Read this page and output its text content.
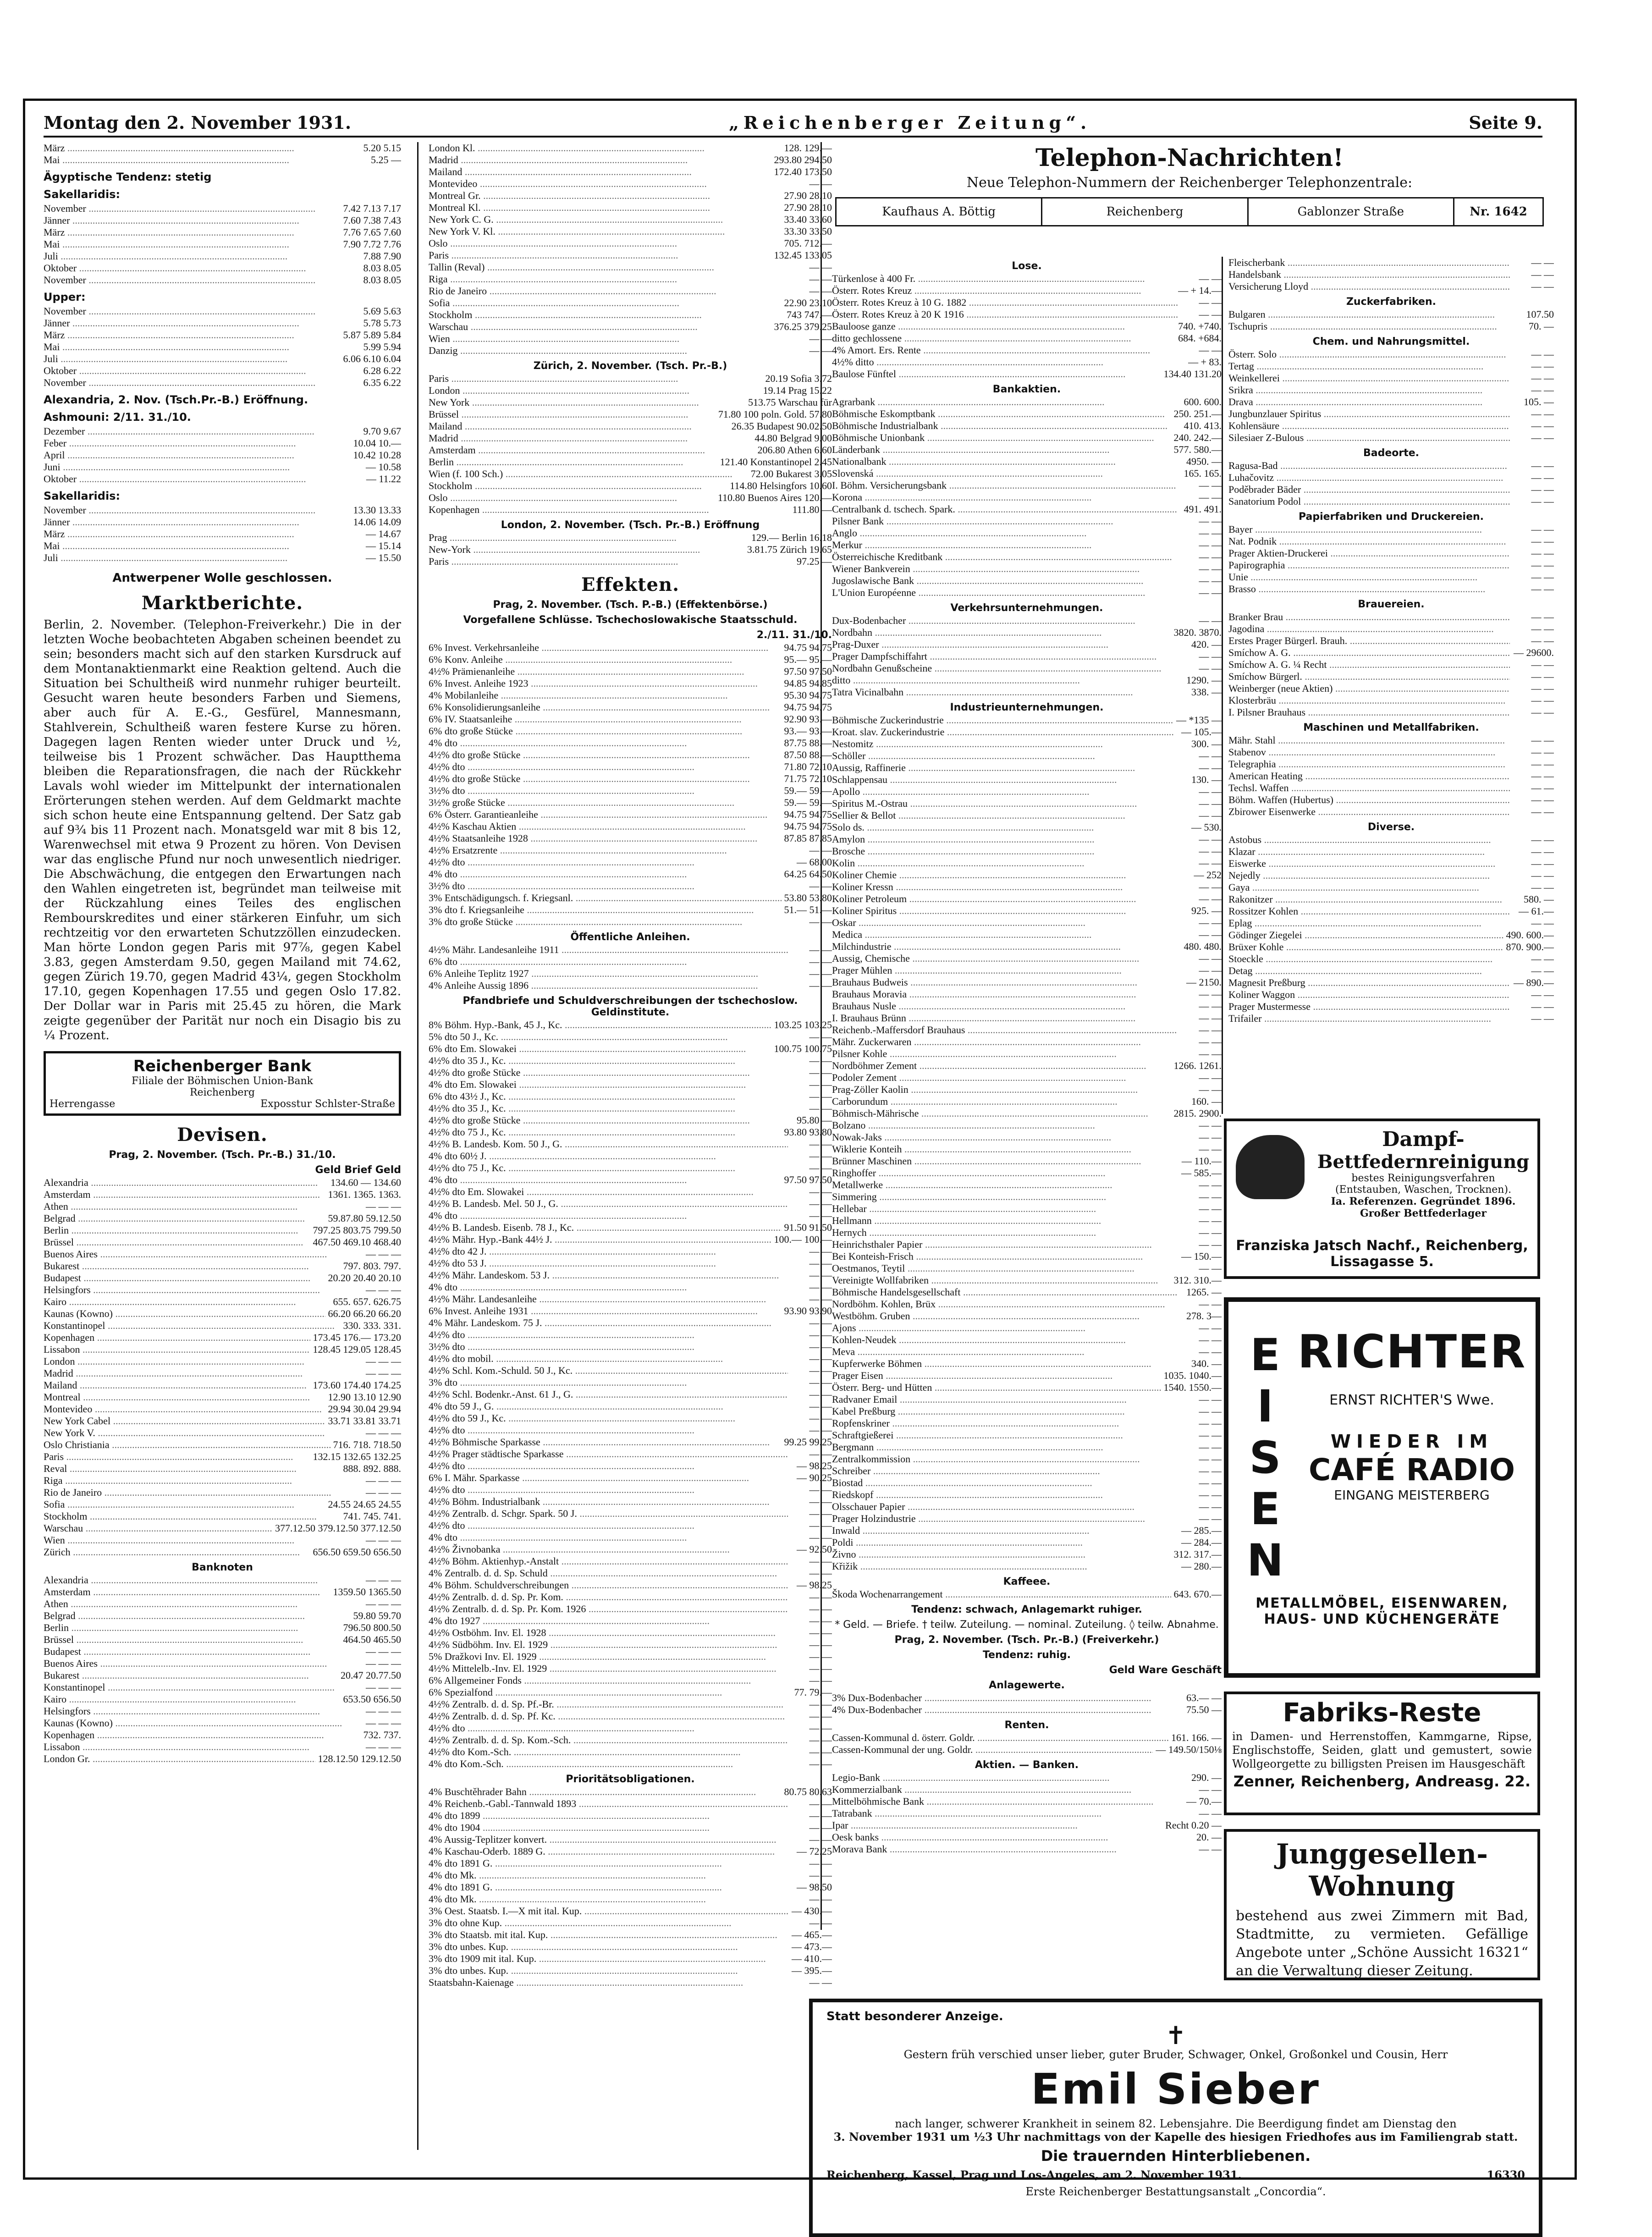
Montag den 2. November 1931.	„Reichenberger Zeitung“.	Seite 9.
März .....	5.20 5.15
Mai .....	5.25 —
Ägyptische Tendenz: stetig
Sakellaridis:
November .....	7.42 7.13 7.17
Jänner .....	7.60 7.38 7.43
März .....	7.76 7.65 7.60
Mai .....	7.90 7.72 7.76
Juli .....	7.88 7.90
Oktober .....	8.03 8.05
November .....	8.03 8.05
Upper:
November .....	5.69 5.63
Jänner .....	5.78 5.73
März .....	5.87 5.89 5.84
Mai .....	5.99 5.94
Juli .....	6.06 6.10 6.04
Oktober .....	6.28 6.22
November .....	6.35 6.22
Alexandria, 2. Nov. (Tsch.Pr.-B.) Eröffnung.
Ashmouni: 2/11. 31./10.
Dezember .....	9.70 9.67
Feber .....	10.04 10.—
April .....	10.42 10.28
Juni .....	— 10.58
Oktober .....	— 11.22
Sakellaridis:
November .....	13.30 13.33
Jänner .....	14.06 14.09
März .....	— 14.67
Mai .....	— 15.14
Juli .....	— 15.50
Antwerpener Wolle geschlossen.
Marktberichte.

Berlin, 2. November. (Telephon-Freiverkehr.) Die in der letzten Woche beobachteten Abgaben scheinen beendet zu sein; besonders macht sich auf den starken Kursdruck auf dem Montanaktienmarkt eine Reaktion geltend. Auch die Situation bei Schultheiß wird nunmehr ruhiger beurteilt. Gesucht waren heute besonders Farben und Siemens, aber auch für A. E.-G., Gesfürel, Mannesmann, Stahlverein, Schultheiß waren festere Kurse zu hören. Dagegen lagen Renten wieder unter Druck und ½, teilweise bis 1 Prozent schwächer. Das Hauptthema bleiben die Reparationsfragen, die nach der Rückkehr Lavals wohl wieder im Mittelpunkt der internationalen Erörterungen stehen werden. Auf dem Geldmarkt machte sich schon heute eine Entspannung geltend. Der Satz gab auf 9¾ bis 11 Prozent nach. Monatsgeld war mit 8 bis 12, Warenwechsel mit etwa 9 Prozent zu hören. Von Devisen war das englische Pfund nur noch unwesentlich niedriger. Die Abschwächung, die entgegen den Erwartungen nach den Wahlen eingetreten ist, begründet man teilweise mit der Rückzahlung eines Teiles des englischen Rembourskredites und einer stärkeren Einfuhr, um sich rechtzeitig vor den erwarteten Schutzzöllen einzudecken. Man hörte London gegen Paris mit 97⅞, gegen Kabel 3.83, gegen Amsterdam 9.50, gegen Mailand mit 74.62, gegen Zürich 19.70, gegen Madrid 43¼, gegen Stockholm 17.10, gegen Kopenhagen 17.55 und gegen Oslo 17.82. Der Dollar war in Paris mit 25.45 zu hören, die Mark zeigte gegenüber der Parität nur noch ein Disagio bis zu ¼ Prozent.

Reichenberger Bank
Filiale der Böhmischen Union-Bank
Reichenberg
Herrengasse	Exposstur Schlster-Straße
Devisen.
Prag, 2. November. (Tsch. Pr.-B.) 31./10.
Geld Brief Geld
Alexandria .....	134.60 — 134.60
Amsterdam .....	1361. 1365. 1363.
Athen .....	— — —
Belgrad .....	59.87.80 59.12.50
Berlin .....	797.25 803.75 799.50
Brüssel .....	467.50 469.10 468.40
Buenos Aires .....	— — —
Bukarest .....	797. 803. 797.
Budapest .....	20.20 20.40 20.10
Helsingfors .....	— — —
Kairo .....	655. 657. 626.75
Kaunas (Kowno) .....	66.20 66.20 66.20
Konstantinopel .....	330. 333. 331.
Kopenhagen .....	173.45 176.— 173.20
Lissabon .....	128.45 129.05 128.45
London .....	— — —
Madrid .....	— — —
Mailand .....	173.60 174.40 174.25
Montreal .....	12.90 13.10 12.90
Montevideo .....	29.94 30.04 29.94
New York Cabel .....	33.71 33.81 33.71
New York V. .....	— — —
Oslo Christiania .....	716. 718. 718.50
Paris .....	132.15 132.65 132.25
Reval .....	888. 892. 888.
Riga .....	— — —
Rio de Janeiro .....	— — —
Sofia .....	24.55 24.65 24.55
Stockholm .....	741. 745. 741.
Warschau .....	377.12.50 379.12.50 377.12.50
Wien .....	— — —
Zürich .....	656.50 659.50 656.50
Banknoten
Alexandria .....	— — —
Amsterdam .....	1359.50 1365.50
Athen .....	— — —
Belgrad .....	59.80 59.70
Berlin .....	796.50 800.50
Brüssel .....	464.50 465.50
Budapest .....	— — —
Buenos Aires .....	— — —
Bukarest .....	20.47 20.77.50
Konstantinopel .....	— — —
Kairo .....	653.50 656.50
Helsingfors .....	— — —
Kaunas (Kowno) .....	— — —
Kopenhagen .....	732. 737.
Lissabon .....	— — —
London Gr. .....	128.12.50 129.12.50
London Kl. .....	128. 129.—
Madrid .....	293.80 294.50
Mailand .....	172.40 173.50
Montevideo .....	— —
Montreal Gr. .....	27.90 28.10
Montreal Kl. .....	27.90 28.10
New York C. G. .....	33.40 33.60
New York V. Kl. .....	33.30 33.50
Oslo .....	705. 712.—
Paris .....	132.45 133.05
Tallin (Reval) .....	— —
Riga .....	— —
Rio de Janeiro .....	— —
Sofia .....	22.90 23.10
Stockholm .....	743 747.—
Warschau .....	376.25 379.25
Wien .....	— —
Danzig .....	— —
Zürich, 2. November. (Tsch. Pr.-B.)
Paris .....	20.19 Sofia 3.72
London .....	19.14 Prag 15.22
New York .....	513.75 Warschau für
Brüssel .....	71.80 100 poln. Gold. 57.80
Mailand .....	26.35 Budapest 90.02.50
Madrid .....	44.80 Belgrad 9.00
Amsterdam .....	206.80 Athen 6.60
Berlin .....	121.40 Konstantinopel 2.45
Wien (f. 100 Sch.) .....	72.00 Bukarest 3.05
Stockholm .....	114.80 Helsingfors 10.60
Oslo .....	110.80 Buenos Aires 120.—
Kopenhagen .....	111.80 —
London, 2. November. (Tsch. Pr.-B.) Eröffnung
Prag .....	129.— Berlin 16.18
New-York .....	3.81.75 Zürich 19.65
Paris .....	97.25 —
Effekten.
Prag, 2. November. (Tsch. P.-B.) (Effektenbörse.)
Vorgefallene Schlüsse. Tschechoslowakische Staatsschuld.
2./11. 31./10.
6% Invest. Verkehrsanleihe .....	94.75 94.75
6% Konv. Anleihe .....	95.— 95.—
4½% Prämienanleihe .....	97.50 97.50
6% Invest. Anleihe 1923 .....	94.85 94.85
4% Mobilanleihe .....	95.30 94.75
6% Konsolidierungsanleihe .....	94.75 94.75
6% IV. Staatsanleihe .....	92.90 93.—
6% dto große Stücke .....	93.— 93.—
4% dto .....	87.75 88.—
4½% dto große Stücke .....	87.50 88.—
4½% dto .....	71.80 72.10
4½% dto große Stücke .....	71.75 72.10
3½% dto .....	59.— 59.—
3½% große Stücke .....	59.— 59.—
6% Österr. Garantieanleihe .....	94.75 94.75
4½% Kaschau Aktien .....	94.75 94.75
4½% Staatsanleihe 1928 .....	87.85 87.85
4½% Ersatzrente .....	— —
4½% dto .....	— 68.00
4% dto .....	64.25 64.50
3½% dto .....	— —
3% Entschädigungsch. f. Kriegsanl. .....	53.80 53.80
3% dto f. Kriegsanleihe .....	51.— 51.—
3% dto große Stücke .....	— —
Öffentliche Anleihen.
4½% Mähr. Landesanleihe 1911 .....	— —
6% dto .....	— —
6% Anleihe Teplitz 1927 .....	— —
4% Anleihe Aussig 1896 .....	— —
Pfandbriefe und Schuldverschreibungen der tschechoslow. Geldinstitute.
8% Böhm. Hyp.-Bank, 45 J., Kc. .....	103.25 103.25
5% dto 50 J., Kc. .....	— —
6% dto Em. Slowakei .....	100.75 100.75
4½% dto 35 J., Kc. .....	— —
4½% dto große Stücke .....	— —
4% dto Em. Slowakei .....	— —
6% dto 43½ J., Kc. .....	— —
4½% dto 35 J., Kc. .....	— —
4½% dto große Stücke .....	95.80 —
4½% dto 75 J., Kc. .....	93.80 93.80
4½% B. Landesb. Kom. 50 J., G. .....	— —
4% dto 60½ J. .....	— —
4½% dto 75 J., Kc. .....	— —
4% dto .....	97.50 97.50
4½% dto Em. Slowakei .....	— —
4½% B. Landesb. Mel. 50 J., G. .....	— —
4% dto .....	— —
4½% B. Landesb. Eisenb. 78 J., Kc. .....	91.50 91.50
4½% Mähr. Hyp.-Bank 44½ J. .....	100.— 100.—
4½% dto 42 J. .....	— —
4½% dto 53 J. .....	— —
4½% Mähr. Landeskom. 53 J. .....	— —
4% dto .....	— —
4½% Mähr. Landesanleihe .....	— —
6% Invest. Anleihe 1931 .....	93.90 93.90
4% Mähr. Landeskom. 75 J. .....	— —
4½% dto .....	— —
3½% dto .....	— —
4½% dto mobil. .....	— —
4½% Schl. Kom.-Schuld. 50 J., Kc. .....	— —
3% dto .....	— —
4½% Schl. Bodenkr.-Anst. 61 J., G. .....	— —
4% dto 59 J., G. .....	— —
4½% dto 59 J., Kc. .....	— —
4½% dto .....	— —
4½% Böhmische Sparkasse .....	99.25 99.25
4½% Prager städtische Sparkasse .....	— —
4½% dto .....	— 98.25
6% I. Mähr. Sparkasse .....	— 90.25
4½% dto .....	— —
4½% Böhm. Industrialbank .....	— —
4½% Zentralb. d. Schgr. Spark. 50 J. .....	— —
4½% dto .....	— —
4% dto .....	— —
4½% Živnobanka .....	— 92.50
4½% Böhm. Aktienhyp.-Anstalt .....	— —
4% Zentralb. d. d. Sp. Schuld .....	— —
4% Böhm. Schuldverschreibungen .....	— 98.25
4½% Zentralb. d. d. Sp. Pr. Kom. .....	— —
4½% Zentralb. d. d. Sp. Pr. Kom. 1926 .....	— —
4% dto 1927 .....	— —
4½% Ostböhm. Inv. El. 1928 .....	— —
4½% Südböhm. Inv. El. 1929 .....	— —
5% Dražkovi Inv. El. 1929 .....	— —
4½% Mittelelb.-Inv. El. 1929 .....	— —
6% Allgemeiner Fonds .....	— —
6% Spezialfond .....	77. 79.—
4½% Zentralb. d. d. Sp. Pf.-Br. .....	— —
4½% Zentralb. d. d. Sp. Pf. Kc. .....	— —
4½% dto .....	— —
4½% Zentralb. d. d. Sp. Kom.-Sch. .....	— —
4½% dto Kom.-Sch. .....	— —
4% dto Kom.-Sch. .....	— —
Prioritätsobligationen.
4% Buschtěhrader Bahn .....	80.75 80.63
4% Reichenb.-Gabl.-Tannwald 1893 .....	— —
4% dto 1899 .....	— —
4% dto 1904 .....	— —
4% Aussig-Teplitzer konvert. .....	— —
4% Kaschau-Oderb. 1889 G. .....	— 72.25
4% dto 1891 G. .....	— —
4% dto Mk. .....	— —
4% dto 1891 G. .....	— 98.50
4% dto Mk. .....	— —
3% Oest. Staatsb. I.—X mit ital. Kup. .....	— 430.—
3% dto ohne Kup. .....	— —
3% dto Staatsb. mit ital. Kup. .....	— 465.—
3% dto unbes. Kup. .....	— 473.—
3% dto 1909 mit ital. Kup. .....	— 410.—
3% dto unbes. Kup. .....	— 395.—
Staatsbahn-Kaienage .....	— —
Telephon-Nachrichten!
Neue Telephon-Nummern der Reichenberger Telephonzentrale:
Kaufhaus A. Böttig	Reichenberg	Gablonzer Straße	Nr. 1642
Lose.
Türkenlose à 400 Fr. .....	— —
Österr. Rotes Kreuz .....	— + 14.—
Österr. Rotes Kreuz à 10 G. 1882 .....	— —
Österr. Rotes Kreuz à 20 K 1916 .....	— —
Bauloose ganze .....	740. +740.
ditto gechlossene .....	684. +684.
4% Amort. Ers. Rente .....	— —
4½% ditto .....	— + 83.
Baulose Fünftel .....	134.40 131.20
Bankaktien.
Agrarbank .....	600. 600.
Böhmische Eskomptbank .....	250. 251.—
Böhmische Industrialbank .....	410. 413.
Böhmische Unionbank .....	240. 242.—
Länderbank .....	577. 580.—
Nationalbank .....	4950. —
Slovenská .....	165. 165.
I. Böhm. Versicherungsbank .....	— —
Korona .....	— —
Centralbank d. tschech. Spark. .....	491. 491.
Pilsner Bank .....	— —
Anglo .....	— —
Merkur .....	— —
Österreichische Kreditbank .....	— —
Wiener Bankverein .....	— —
Jugoslawische Bank .....	— —
L'Union Européenne .....	— —
Verkehrsunternehmungen.
Dux-Bodenbacher .....	— —
Nordbahn .....	3820. 3870.
Prag-Duxer .....	420. —
Prager Dampfschiffahrt .....	— —
Nordbahn Genußscheine .....	— —
ditto .....	1290. —
Tatra Vicinalbahn .....	338. —
Industrieunternehmungen.
Böhmische Zuckerindustrie .....	— *135 —
Kroat. slav. Zuckerindustrie .....	— 105.—
Nestomitz .....	300. —
Schöller .....	— —
Aussig, Raffinerie .....	— —
Schlappensau .....	130. —
Apollo .....	— —
Spiritus M.-Ostrau .....	— —
Sellier & Bellot .....	— —
Solo ds. .....	— 530.
Amylon .....	— —
Brosche .....	— —
Kolin .....	— —
Koliner Chemie .....	— 252
Koliner Kressn .....	— —
Koliner Petroleum .....	— —
Koliner Spiritus .....	925. —
Oskar .....	— —
Medica .....	— —
Milchindustrie .....	480. 480.
Aussig, Chemische .....	— —
Prager Mühlen .....	— —
Brauhaus Budweis .....	— 2150.
Brauhaus Moravia .....	— —
Brauhaus Nusle .....	— —
I. Brauhaus Brünn .....	— —
Reichenb.-Maffersdorf Brauhaus .....	— —
Mähr. Zuckerwaren .....	— —
Pilsner Kohle .....	— —
Nordböhmer Zement .....	1266. 1261.
Podoler Zement .....	— —
Prag-Zöller Kaolin .....	— —
Carborundum .....	160. —
Böhmisch-Mährische .....	2815. 2900.
Bolzano .....	— —
Nowak-Jaks .....	— —
Wiklerie Konteih .....	— —
Brünner Maschinen .....	— 110.—
Ringhoffer .....	— 585.—
Metallwerke .....	— —
Simmering .....	— —
Hellebar .....	— —
Hellmann .....	— —
Hernych .....	— —
Heinrichsthaler Papier .....	— —
Bei Konteish-Frisch .....	— 150.—
Oestmanos, Teytil .....	— —
Vereinigte Wollfabriken .....	312. 310.—
Böhmische Handelsgesellschaft .....	1265. —
Nordböhm. Kohlen, Brüx .....	— —
Westböhm. Gruben .....	278. 3—
Ajons .....	— —
Kohlen-Neudek .....	— —
Meva .....	— —
Kupferwerke Böhmen .....	340. —
Prager Eisen .....	1035. 1040.—
Österr. Berg- und Hütten .....	1540. 1550.—
Radvaner Email .....	— —
Kabel Preßburg .....	— —
Ropfenskriner .....	— —
Schraftgießerei .....	— —
Bergmann .....	— —
Zentralkommission .....	— —
Schreiber .....	— —
Biostad .....	— —
Riedskopf .....	— —
Olsschauer Papier .....	— —
Prager Holzindustrie .....	— —
Inwald .....	— 285.—
Poldi .....	— 284.—
Živno .....	312. 317.—
Křižik .....	— 280.—
Kaffeee.
Škoda Wochenarrangement .....	643. 670.—
Tendenz: schwach, Anlagemarkt ruhiger.
* Geld. — Briefe. † teilw. Zuteilung. — nominal. Zuteilung. ◊ teilw. Abnahme.
Prag, 2. November. (Tsch. Pr.-B.) (Freiverkehr.)
Tendenz: ruhig.
Geld Ware Geschäft
Anlagewerte.
3% Dux-Bodenbacher .....	63.— —
4% Dux-Bodenbacher .....	75.50 —
Renten.
Cassen-Kommunal d. österr. Goldr. .....	161. 166. —
Cassen-Kommunal der ung. Goldr. .....	— 149.50/150⅛
Aktien. — Banken.
Legio-Bank .....	290. —
Kommerzialbank .....	— —
Mittelböhmische Bank .....	— 70.—
Tatrabank .....	— —
Ipar .....	Recht 0.20 —
Oesk banks .....	20. —
Morava Bank .....	— —
Fleischerbank .....	— —
Handelsbank .....	— —
Versicherung Lloyd .....	— —
Zuckerfabriken.
Bulgaren .....	107.50
Tschupris .....	70. —
Chem. und Nahrungsmittel.
Österr. Solo .....	— —
Tertag .....	— —
Weinkellerei .....	— —
Srikra .....	— —
Drava .....	105. —
Jungbunzlauer Spiritus .....	— —
Kohlensäure .....	— —
Silesiaer Z-Bulous .....	— —
Badeorte.
Ragusa-Bad .....	— —
Luhačovitz .....	— —
Poděbrader Bäder .....	— —
Sanatorium Podol .....	— —
Papierfabriken und Druckereien.
Bayer .....	— —
Nat. Podnik .....	— —
Prager Aktien-Druckerei .....	— —
Papirographia .....	— —
Unie .....	— —
Brasso .....	— —
Brauereien.
Branker Brau .....	— —
Jagodina .....	— —
Erstes Prager Bürgerl. Brauh. .....	— —
Smíchow A. G. .....	— 29600.
Smíchow A. G. ¼ Recht .....	— —
Smíchow Bürgerl. .....	— —
Weinberger (neue Aktien) .....	— —
Klosterbräu .....	— —
I. Pilsner Brauhaus .....	— —
Maschinen und Metallfabriken.
Mähr. Stahl .....	— —
Stabenov .....	— —
Telegraphia .....	— —
American Heating .....	— —
Techsl. Waffen .....	— —
Böhm. Waffen (Hubertus) .....	— —
Zbirower Eisenwerke .....	— —
Diverse.
Astobus .....	— —
Klazar .....	— —
Eiswerke .....	— —
Nejedly .....	— —
Gaya .....	— —
Rakonitzer .....	580. —
Rossitzer Kohlen .....	— 61.—
Eplag .....	— —
Gödinger Ziegelei .....	490. 600.—
Brüxer Kohle .....	870. 900.—
Stoeckle .....	— —
Detag .....	— —
Magnesit Preßburg .....	— 890.—
Koliner Waggon .....	— —
Prager Mustermesse .....	— —
Trifailer .....	— —
Dampf-
Bettfedernreinigung
bestes Reinigungsverfahren
(Entstauben, Waschen, Trocknen).
Ia. Referenzen. Gegründet 1896.
Großer Bettfederlager
Franziska Jatsch Nachf., Reichenberg, Lissagasse 5.
E
I
S
E
N
RICHTER
ERNST RICHTER'S Wwe.
WIEDER IM
CAFÉ RADIO
EINGANG MEISTERBERG
METALLMÖBEL, EISENWAREN,
HAUS- UND KÜCHENGERÄTE
Fabriks-Reste
in Damen- und Herrenstoffen, Kammgarne, Ripse, Englischstoffe, Seiden, glatt und gemustert, sowie Wollgeorgette zu billigsten Preisen im Hausgeschäft
Zenner, Reichenberg, Andreasg. 22.
Junggesellen-Wohnung
bestehend aus zwei Zimmern mit Bad, Stadtmitte, zu vermieten. Gefällige Angebote unter „Schöne Aussicht 16321“ an die Verwaltung dieser Zeitung.
Statt besonderer Anzeige.
✝
Gestern früh verschied unser lieber, guter Bruder, Schwager, Onkel, Großonkel und Cousin, Herr
Emil Sieber
nach langer, schwerer Krankheit in seinem 82. Lebensjahre. Die Beerdigung findet am Dienstag den
3. November 1931 um ½3 Uhr nachmittags von der Kapelle des hiesigen Friedhofes aus im Familiengrab statt.
Die trauernden Hinterbliebenen.
Reichenberg, Kassel, Prag und Los-Angeles, am 2. November 1931.	16330
Erste Reichenberger Bestattungsanstalt „Concordia“.
